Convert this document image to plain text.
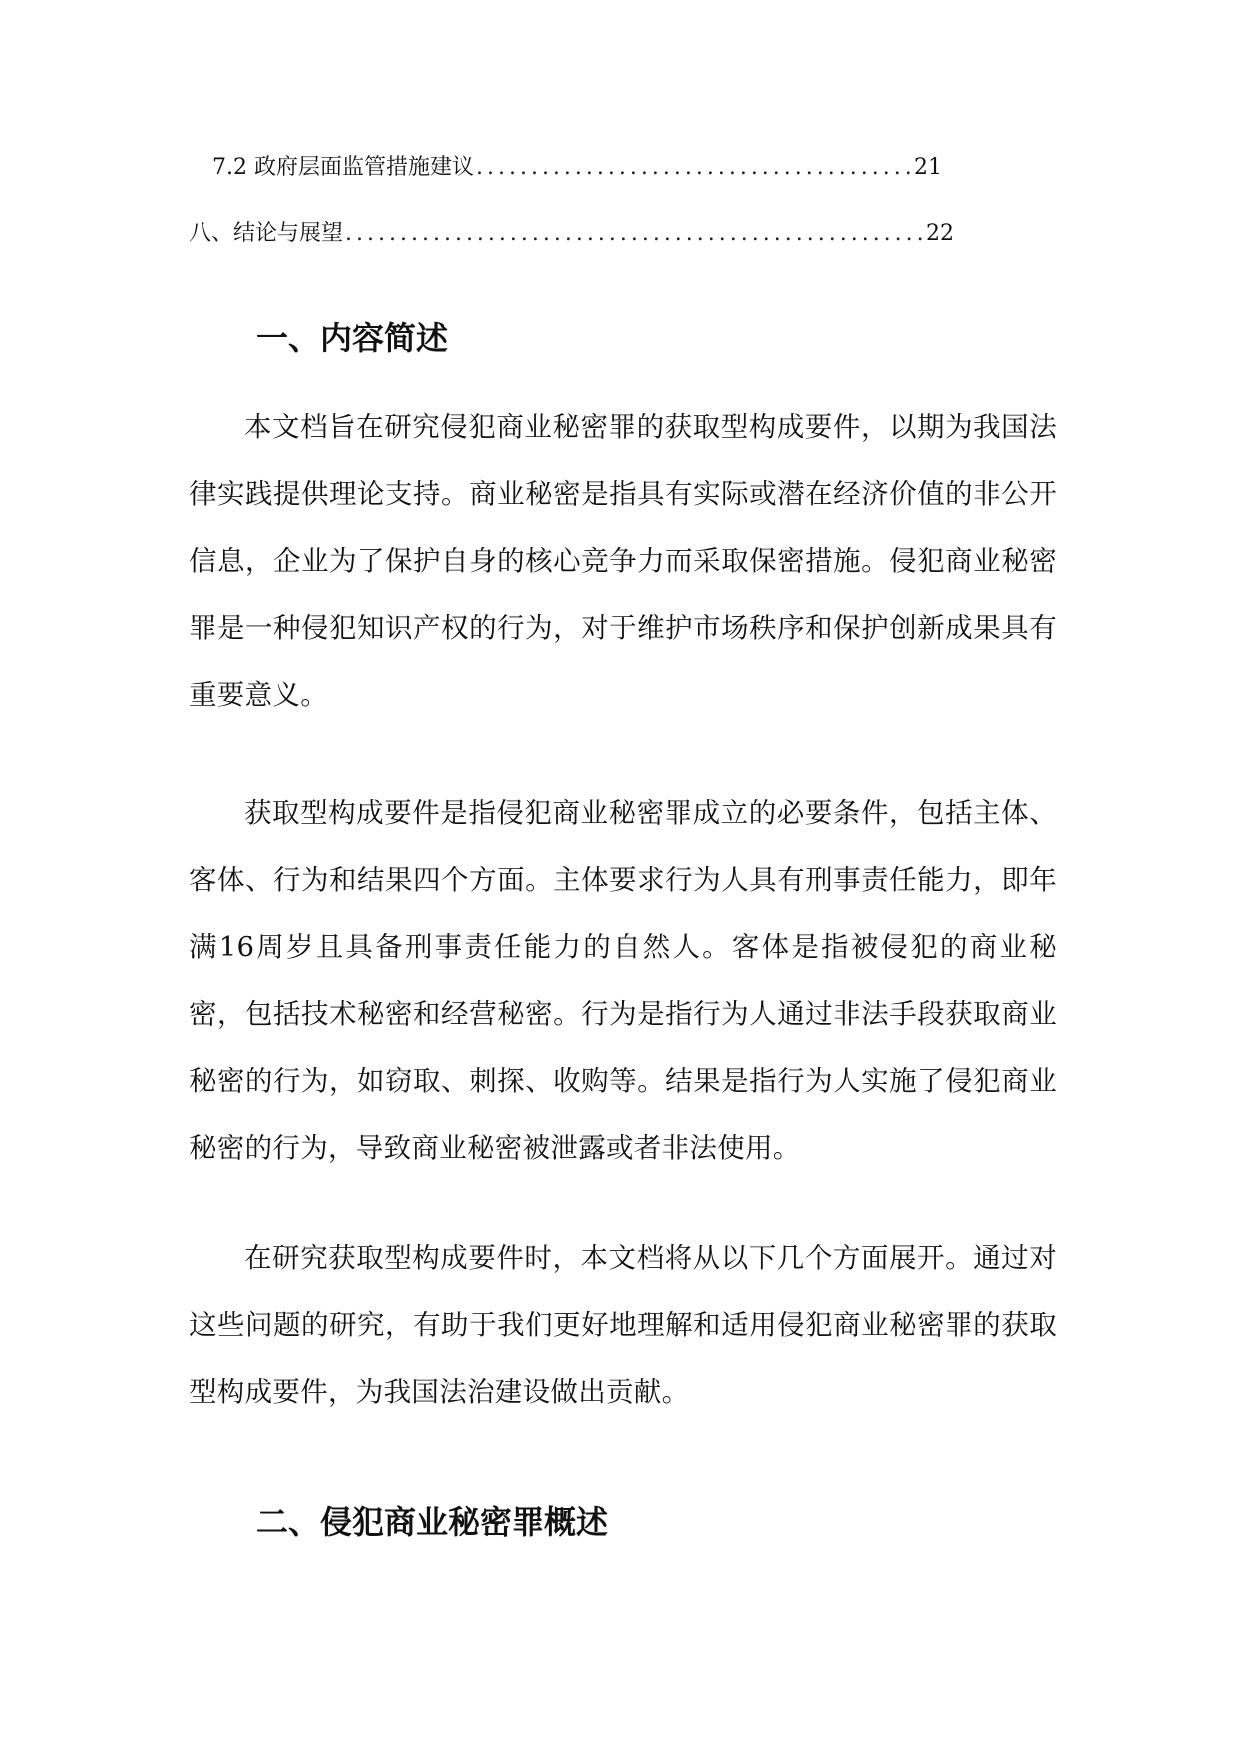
7.2 政府层面监管措施建议 .....	21
八、结论与展望 .....	22
一、内容简述

本文档旨在研究侵犯商业秘密罪的获取型构成要件，以期为我国法律实践提供理论支持。商业秘密是指具有实际或潜在经济价值的非公开信息，企业为了保护自身的核心竞争力而采取保密措施。侵犯商业秘密罪是一种侵犯知识产权的行为，对于维护市场秩序和保护创新成果具有重要意义。

获取型构成要件是指侵犯商业秘密罪成立的必要条件，包括主体、客体、行为和结果四个方面。主体要求行为人具有刑事责任能力，即年满16周岁且具备刑事责任能力的自然人。客体是指被侵犯的商业秘密，包括技术秘密和经营秘密。行为是指行为人通过非法手段获取商业秘密的行为，如窃取、刺探、收购等。结果是指行为人实施了侵犯商业秘密的行为，导致商业秘密被泄露或者非法使用。

在研究获取型构成要件时，本文档将从以下几个方面展开。通过对这些问题的研究，有助于我们更好地理解和适用侵犯商业秘密罪的获取型构成要件，为我国法治建设做出贡献。

二、侵犯商业秘密罪概述
